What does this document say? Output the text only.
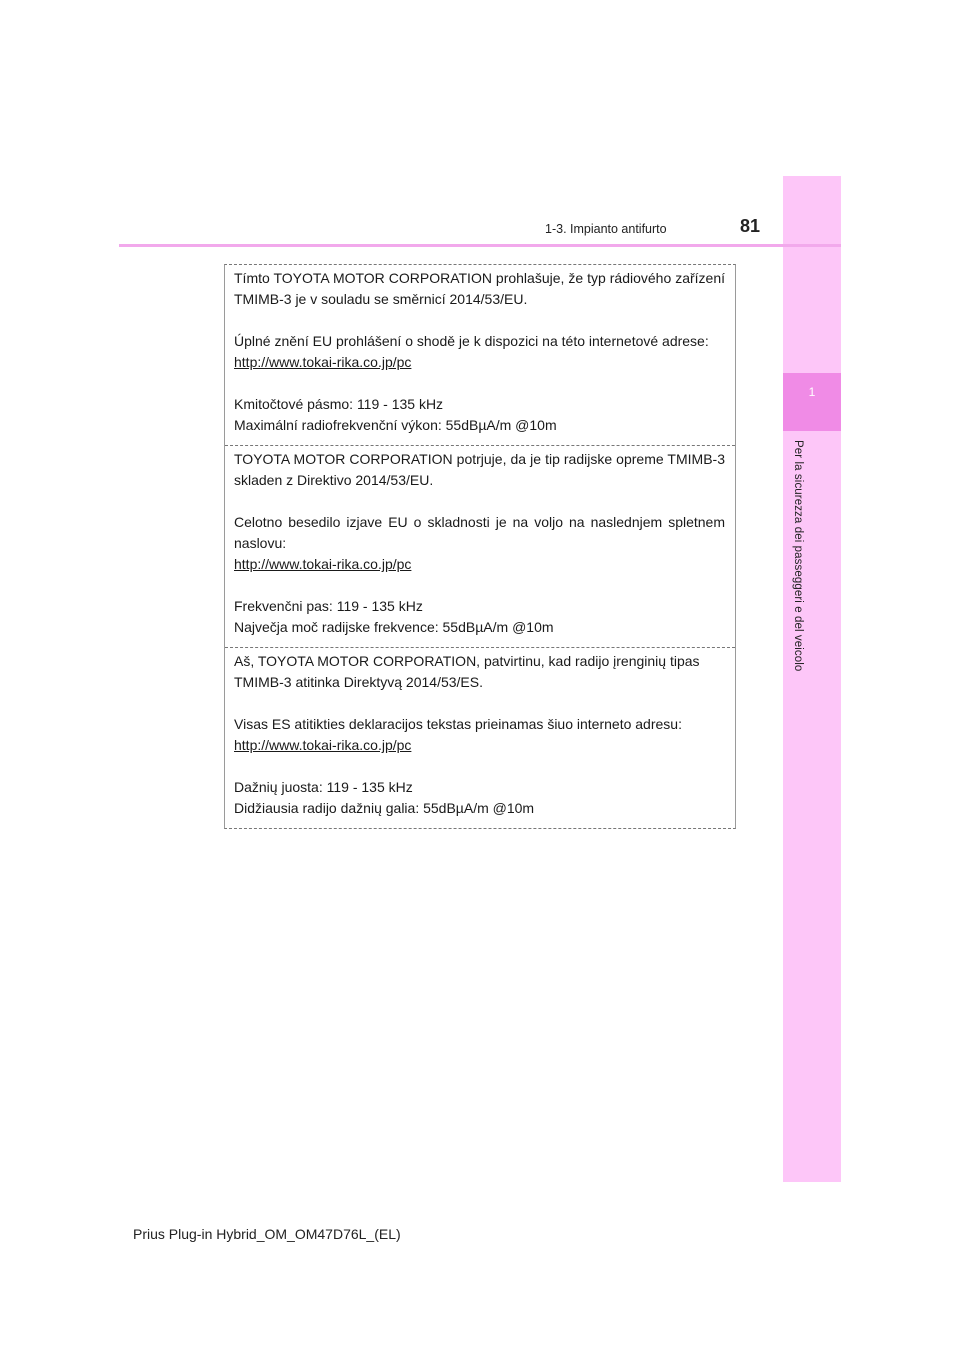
1
Per la sicurezza dei passeggeri e del veicolo
1-3. Impianto antifurto	81

Tímto TOYOTA MOTOR CORPORATION prohlašuje, že typ rádiového zařízení TMIMB-3 je v souladu se směrnicí 2014/53/EU.

Úplné znění EU prohlášení o shodě je k dispozici na této internetové adrese:
http://www.tokai-rika.co.jp/pc

Kmitočtové pásmo: 119 - 135 kHz
Maximální radiofrekvenční výkon: 55dBµA/m @10m

TOYOTA MOTOR CORPORATION potrjuje, da je tip radijske opreme TMIMB-3 skladen z Direktivo 2014/53/EU.

Celotno besedilo izjave EU o skladnosti je na voljo na naslednjem spletnem naslovu:
http://www.tokai-rika.co.jp/pc

Frekvenčni pas: 119 - 135 kHz
Največja moč radijske frekvence: 55dBµA/m @10m

Aš, TOYOTA MOTOR CORPORATION, patvirtinu, kad radijo įrenginių tipas TMIMB-3 atitinka Direktyvą 2014/53/ES.

Visas ES atitikties deklaracijos tekstas prieinamas šiuo interneto adresu:
http://www.tokai-rika.co.jp/pc

Dažnių juosta: 119 - 135 kHz
Didžiausia radijo dažnių galia: 55dBµA/m @10m

Prius Plug-in Hybrid_OM_OM47D76L_(EL)
